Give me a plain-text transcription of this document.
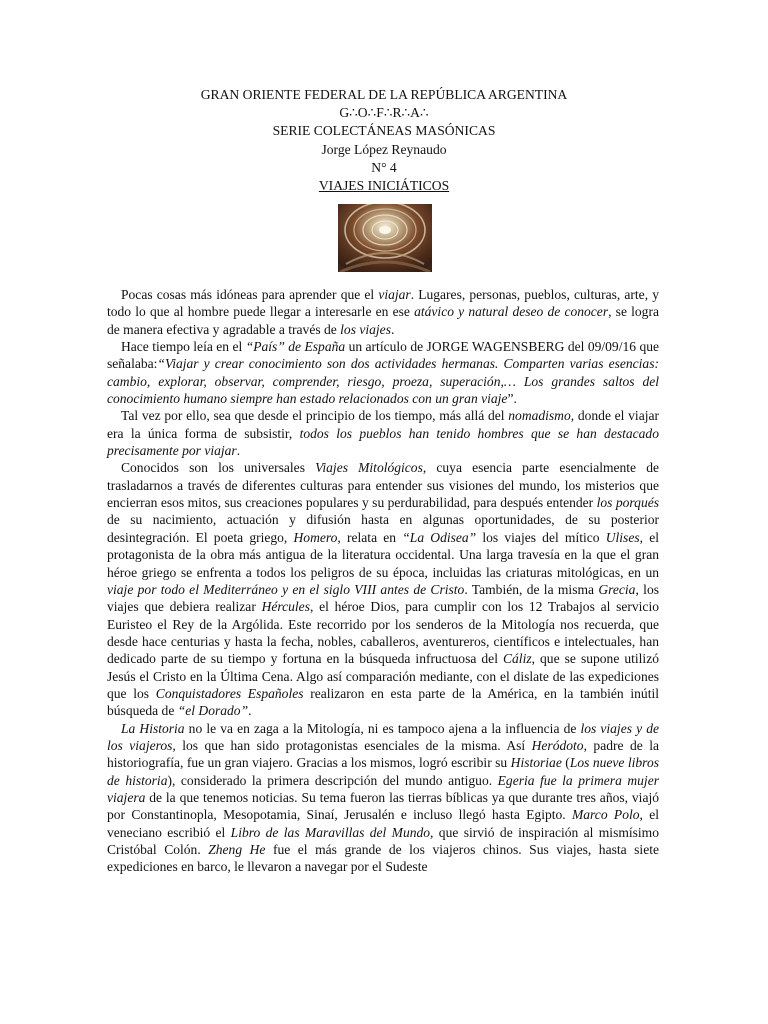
GRAN ORIENTE FEDERAL DE LA REPÚBLICA ARGENTINA
G∴O∴F∴R∴A∴
SERIE COLECTÁNEAS MASÓNICAS
Jorge López Reynaudo
N° 4
VIAJES INICIÁTICOS

Pocas cosas más idóneas para aprender que el viajar. Lugares, personas, pueblos, culturas, arte, y todo lo que al hombre puede llegar a interesarle en ese atávico y natural deseo de conocer, se logra de manera efectiva y agradable a través de los viajes.

Hace tiempo leía en el “País” de España un artículo de JORGE WAGENSBERG del 09/09/16 que señalaba:“Viajar y crear conocimiento son dos actividades hermanas. Comparten varias esencias: cambio, explorar, observar, comprender, riesgo, proeza, superación,… Los grandes saltos del conocimiento humano siempre han estado relacionados con un gran viaje”.

Tal vez por ello, sea que desde el principio de los tiempo, más allá del nomadismo, donde el viajar era la única forma de subsistir, todos los pueblos han tenido hombres que se han destacado precisamente por viajar.

Conocidos son los universales Viajes Mitológicos, cuya esencia parte esencialmente de trasladarnos a través de diferentes culturas para entender sus visiones del mundo, los misterios que encierran esos mitos, sus creaciones populares y su perdurabilidad, para después entender los porqués de su nacimiento, actuación y difusión hasta en algunas oportunidades, de su posterior desintegración. El poeta griego, Homero, relata en “La Odisea” los viajes del mítico Ulises, el protagonista de la obra más antigua de la literatura occidental. Una larga travesía en la que el gran héroe griego se enfrenta a todos los peligros de su época, incluidas las criaturas mitológicas, en un viaje por todo el Mediterráneo y en el siglo VIII antes de Cristo. También, de la misma Grecia, los viajes que debiera realizar Hércules, el héroe Dios, para cumplir con los 12 Trabajos al servicio Euristeo el Rey de la Argólida. Este recorrido por los senderos de la Mitología nos recuerda, que desde hace centurias y hasta la fecha, nobles, caballeros, aventureros, científicos e intelectuales, han dedicado parte de su tiempo y fortuna en la búsqueda infructuosa del Cáliz, que se supone utilizó Jesús el Cristo en la Última Cena. Algo así comparación mediante, con el dislate de las expediciones que los Conquistadores Españoles realizaron en esta parte de la América, en la también inútil búsqueda de “el Dorado”.

La Historia no le va en zaga a la Mitología, ni es tampoco ajena a la influencia de los viajes y de los viajeros, los que han sido protagonistas esenciales de la misma. Así Heródoto, padre de la historiografía, fue un gran viajero. Gracias a los mismos, logró escribir su Historiae (Los nueve libros de historia), considerado la primera descripción del mundo antiguo. Egeria fue la primera mujer viajera de la que tenemos noticias. Su tema fueron las tierras bíblicas ya que durante tres años, viajó por Constantinopla, Mesopotamia, Sinaí, Jerusalén e incluso llegó hasta Egipto. Marco Polo, el veneciano escribió el Libro de las Maravillas del Mundo, que sirvió de inspiración al mismísimo Cristóbal Colón. Zheng He fue el más grande de los viajeros chinos. Sus viajes, hasta siete expediciones en barco, le llevaron a navegar por el Sudeste
